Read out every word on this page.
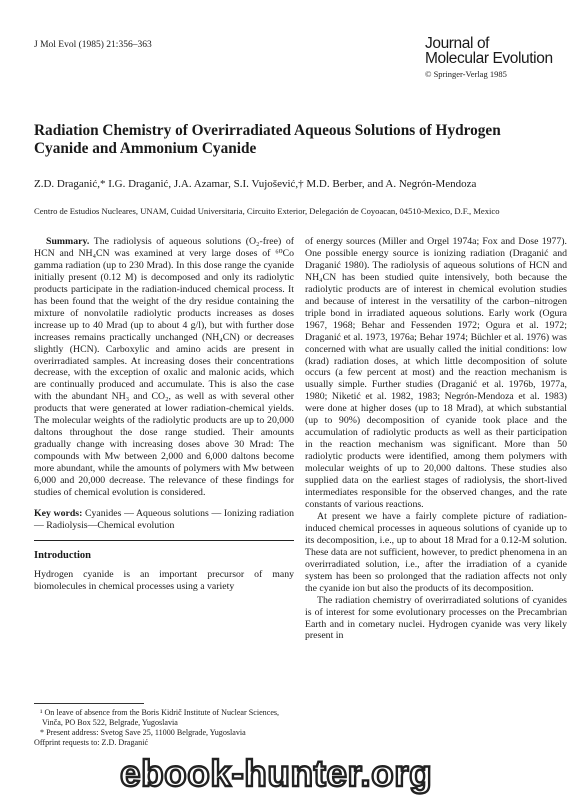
J Mol Evol (1985) 21:356–363	Journal of
Molecular Evolution
© Springer-Verlag 1985
Radiation Chemistry of Overirradiated Aqueous Solutions of Hydrogen Cyanide and Ammonium Cyanide
Z.D. Draganić,* I.G. Draganić, J.A. Azamar, S.I. Vujošević,† M.D. Berber, and A. Negrón-Mendoza
Centro de Estudios Nucleares, UNAM, Cuidad Universitaria, Circuito Exterior, Delegación de Coyoacan, 04510-Mexico, D.F., Mexico

Summary. The radiolysis of aqueous solutions (O₂-free) of HCN and NH₄CN was examined at very large doses of ⁶⁰Co gamma radiation (up to 230 Mrad). In this dose range the cyanide initially present (0.12 M) is decomposed and only its radiolytic products participate in the radiation-induced chemical process. It has been found that the weight of the dry residue containing the mixture of nonvolatile radiolytic products increases as doses increase up to 40 Mrad (up to about 4 g/l), but with further dose increases remains practically unchanged (NH₄CN) or decreases slightly (HCN). Carboxylic and amino acids are present in overirradiated samples. At increasing doses their concentrations decrease, with the exception of oxalic and malonic acids, which are continually produced and accumulate. This is also the case with the abundant NH₃ and CO₂, as well as with several other products that were generated at lower radiation-chemical yields. The molecular weights of the radiolytic products are up to 20,000 daltons throughout the dose range studied. Their amounts gradually change with increasing doses above 30 Mrad: The compounds with Mw between 2,000 and 6,000 daltons become more abundant, while the amounts of polymers with Mw between 6,000 and 20,000 decrease. The relevance of these findings for studies of chemical evolution is considered.

Key words: Cyanides — Aqueous solutions — Ionizing radiation — Radiolysis—Chemical evolution

Introduction

Hydrogen cyanide is an important precursor of many biomolecules in chemical processes using a variety

of energy sources (Miller and Orgel 1974a; Fox and Dose 1977). One possible energy source is ionizing radiation (Draganić and Draganić 1980). The radiolysis of aqueous solutions of HCN and NH₄CN has been studied quite intensively, both because the radiolytic products are of interest in chemical evolution studies and because of interest in the versatility of the carbon–nitrogen triple bond in irradiated aqueous solutions. Early work (Ogura 1967, 1968; Behar and Fessenden 1972; Ogura et al. 1972; Draganić et al. 1973, 1976a; Behar 1974; Büchler et al. 1976) was concerned with what are usually called the initial conditions: low (krad) radiation doses, at which little decomposition of solute occurs (a few percent at most) and the reaction mechanism is usually simple. Further studies (Draganić et al. 1976b, 1977a, 1980; Niketić et al. 1982, 1983; Negrón-Mendoza et al. 1983) were done at higher doses (up to 18 Mrad), at which substantial (up to 90%) decomposition of cyanide took place and the accumulation of radiolytic products as well as their participation in the reaction mechanism was significant. More than 50 radiolytic products were identified, among them polymers with molecular weights of up to 20,000 daltons. These studies also supplied data on the earliest stages of radiolysis, the short-lived intermediates responsible for the observed changes, and the rate constants of various reactions.

At present we have a fairly complete picture of radiation-induced chemical processes in aqueous solutions of cyanide up to its decomposition, i.e., up to about 18 Mrad for a 0.12-M solution. These data are not sufficient, however, to predict phenomena in an overirradiated solution, i.e., after the irradiation of a cyanide system has been so prolonged that the radiation affects not only the cyanide ion but also the products of its decomposition.

The radiation chemistry of overirradiated solutions of cyanides is of interest for some evolutionary processes on the Precambrian Earth and in cometary nuclei. Hydrogen cyanide was very likely present in

¹ On leave of absence from the Boris Kidrič Institute of Nuclear Sciences, Vinča, PO Box 522, Belgrade, Yugoslavia

* Present address: Svetog Save 25, 11000 Belgrade, Yugoslavia

Offprint requests to: Z.D. Draganić

ebook-hunter.org
